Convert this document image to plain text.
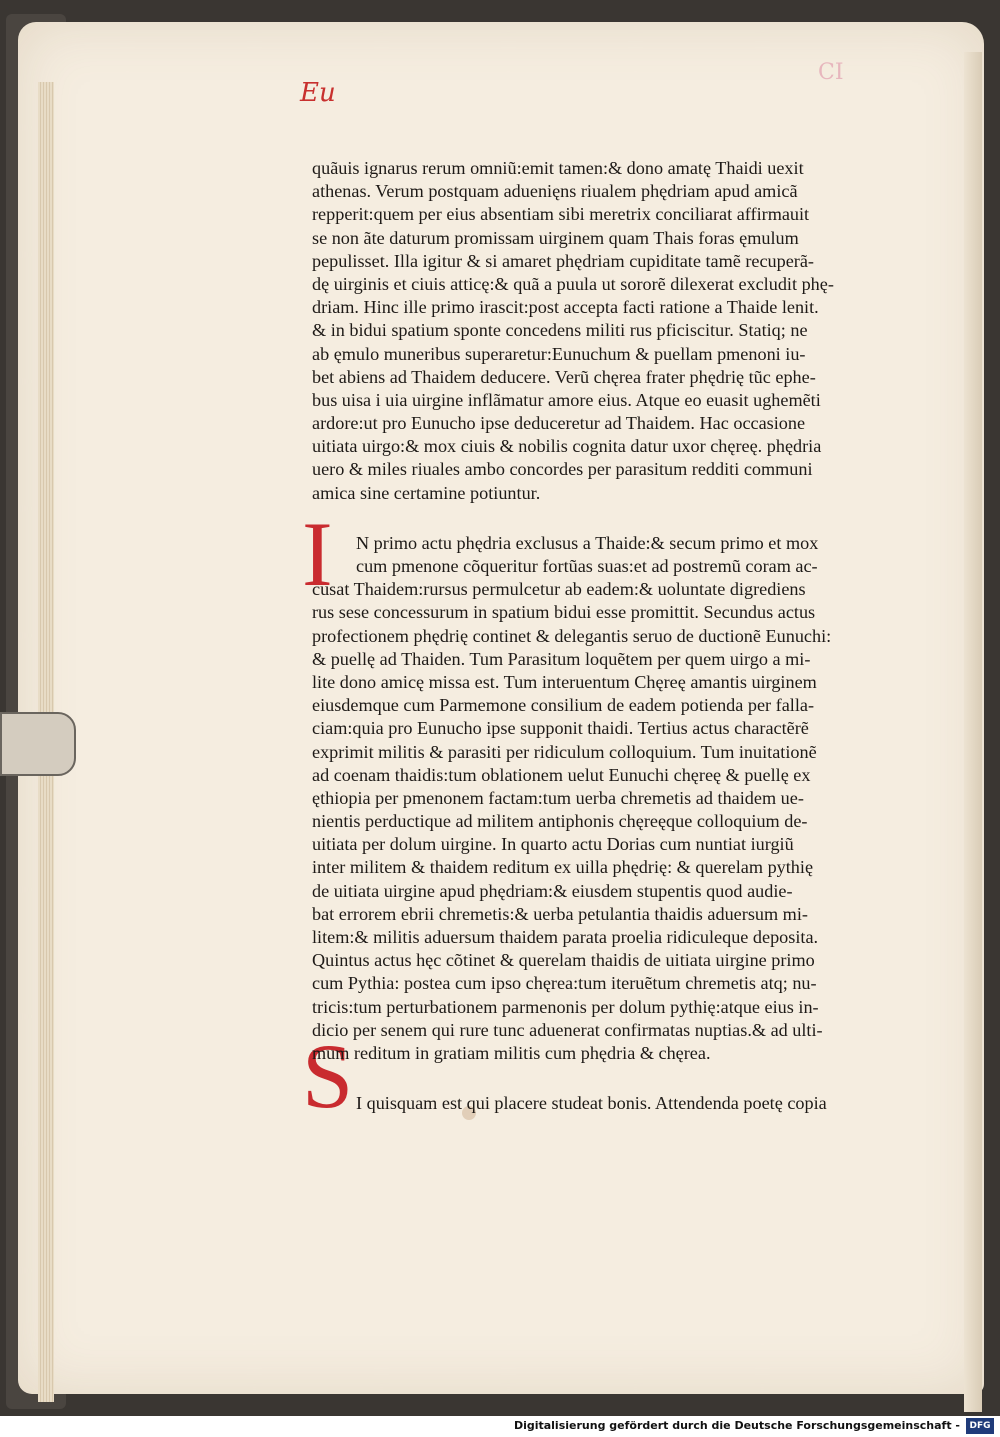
Eu
CI
I
S
quãuis ignarus rerum omniũ:emit tamen:& dono amatę Thaidi uexit
athenas. Verum postquam aduenięns riualem phędriam apud amicã
repperit:quem per eius absentiam sibi meretrix conciliarat affirmauit
se non ãte daturum promissam uirginem quam Thais foras ęmulum
pepulisset. Illa igitur & si amaret phędriam cupiditate tamẽ recuperã-
dę uirginis et ciuis atticę:& quã a puula ut sororẽ dilexerat excludit phę-
driam. Hinc ille primo irascit:post accepta facti ratione a Thaide lenit.
& in bidui spatium sponte concedens militi rus pficiscitur. Statiq; ne
ab ęmulo muneribus superaretur:Eunuchum & puellam pmenoni iu-
bet abiens ad Thaidem deducere. Verũ chęrea frater phędrię tũc ephe-
bus uisa i uia uirgine inflãmatur amore eius. Atque eo euasit ughemẽti
ardore:ut pro Eunucho ipse deduceretur ad Thaidem. Hac occasione
uitiata uirgo:& mox ciuis & nobilis cognita datur uxor chęreę. phędria
uero & miles riuales ambo concordes per parasitum redditi communi
amica sine certamine potiuntur.
N primo actu phędria exclusus a Thaide:& secum primo et mox
cum pmenone cõqueritur fortũas suas:et ad postremũ coram ac-
cusat Thaidem:rursus permulcetur ab eadem:& uoluntate digrediens
rus sese concessurum in spatium bidui esse promittit. Secundus actus
profectionem phędrię continet & delegantis seruo de ductionẽ Eunuchi:
& puellę ad Thaiden. Tum Parasitum loquẽtem per quem uirgo a mi-
lite dono amicę missa est. Tum interuentum Chęreę amantis uirginem
eiusdemque cum Parmemone consilium de eadem potienda per falla-
ciam:quia pro Eunucho ipse supponit thaidi. Tertius actus charactẽrẽ
exprimit militis & parasiti per ridiculum colloquium. Tum inuitationẽ
ad coenam thaidis:tum oblationem uelut Eunuchi chęreę & puellę ex
ęthiopia per pmenonem factam:tum uerba chremetis ad thaidem ue-
nientis perductique ad militem antiphonis chęreęque colloquium de-
uitiata per dolum uirgine. In quarto actu Dorias cum nuntiat iurgiũ
inter militem & thaidem reditum ex uilla phędrię: & querelam pythię
de uitiata uirgine apud phędriam:& eiusdem stupentis quod audie-
bat errorem ebrii chremetis:& uerba petulantia thaidis aduersum mi-
litem:& militis aduersum thaidem parata proelia ridiculeque deposita.
Quintus actus hęc cõtinet & querelam thaidis de uitiata uirgine primo
cum Pythia: postea cum ipso chęrea:tum iteruẽtum chremetis atq; nu-
tricis:tum perturbationem parmenonis per dolum pythię:atque eius in-
dicio per senem qui rure tunc aduenerat confirmatas nuptias.& ad ulti-
mum reditum in gratiam militis cum phędria & chęrea.
I quisquam est qui placere studeat bonis. Attendenda poetę copia
Digitalisierung gefördert durch die Deutsche Forschungsgemeinschaft -	DFG
